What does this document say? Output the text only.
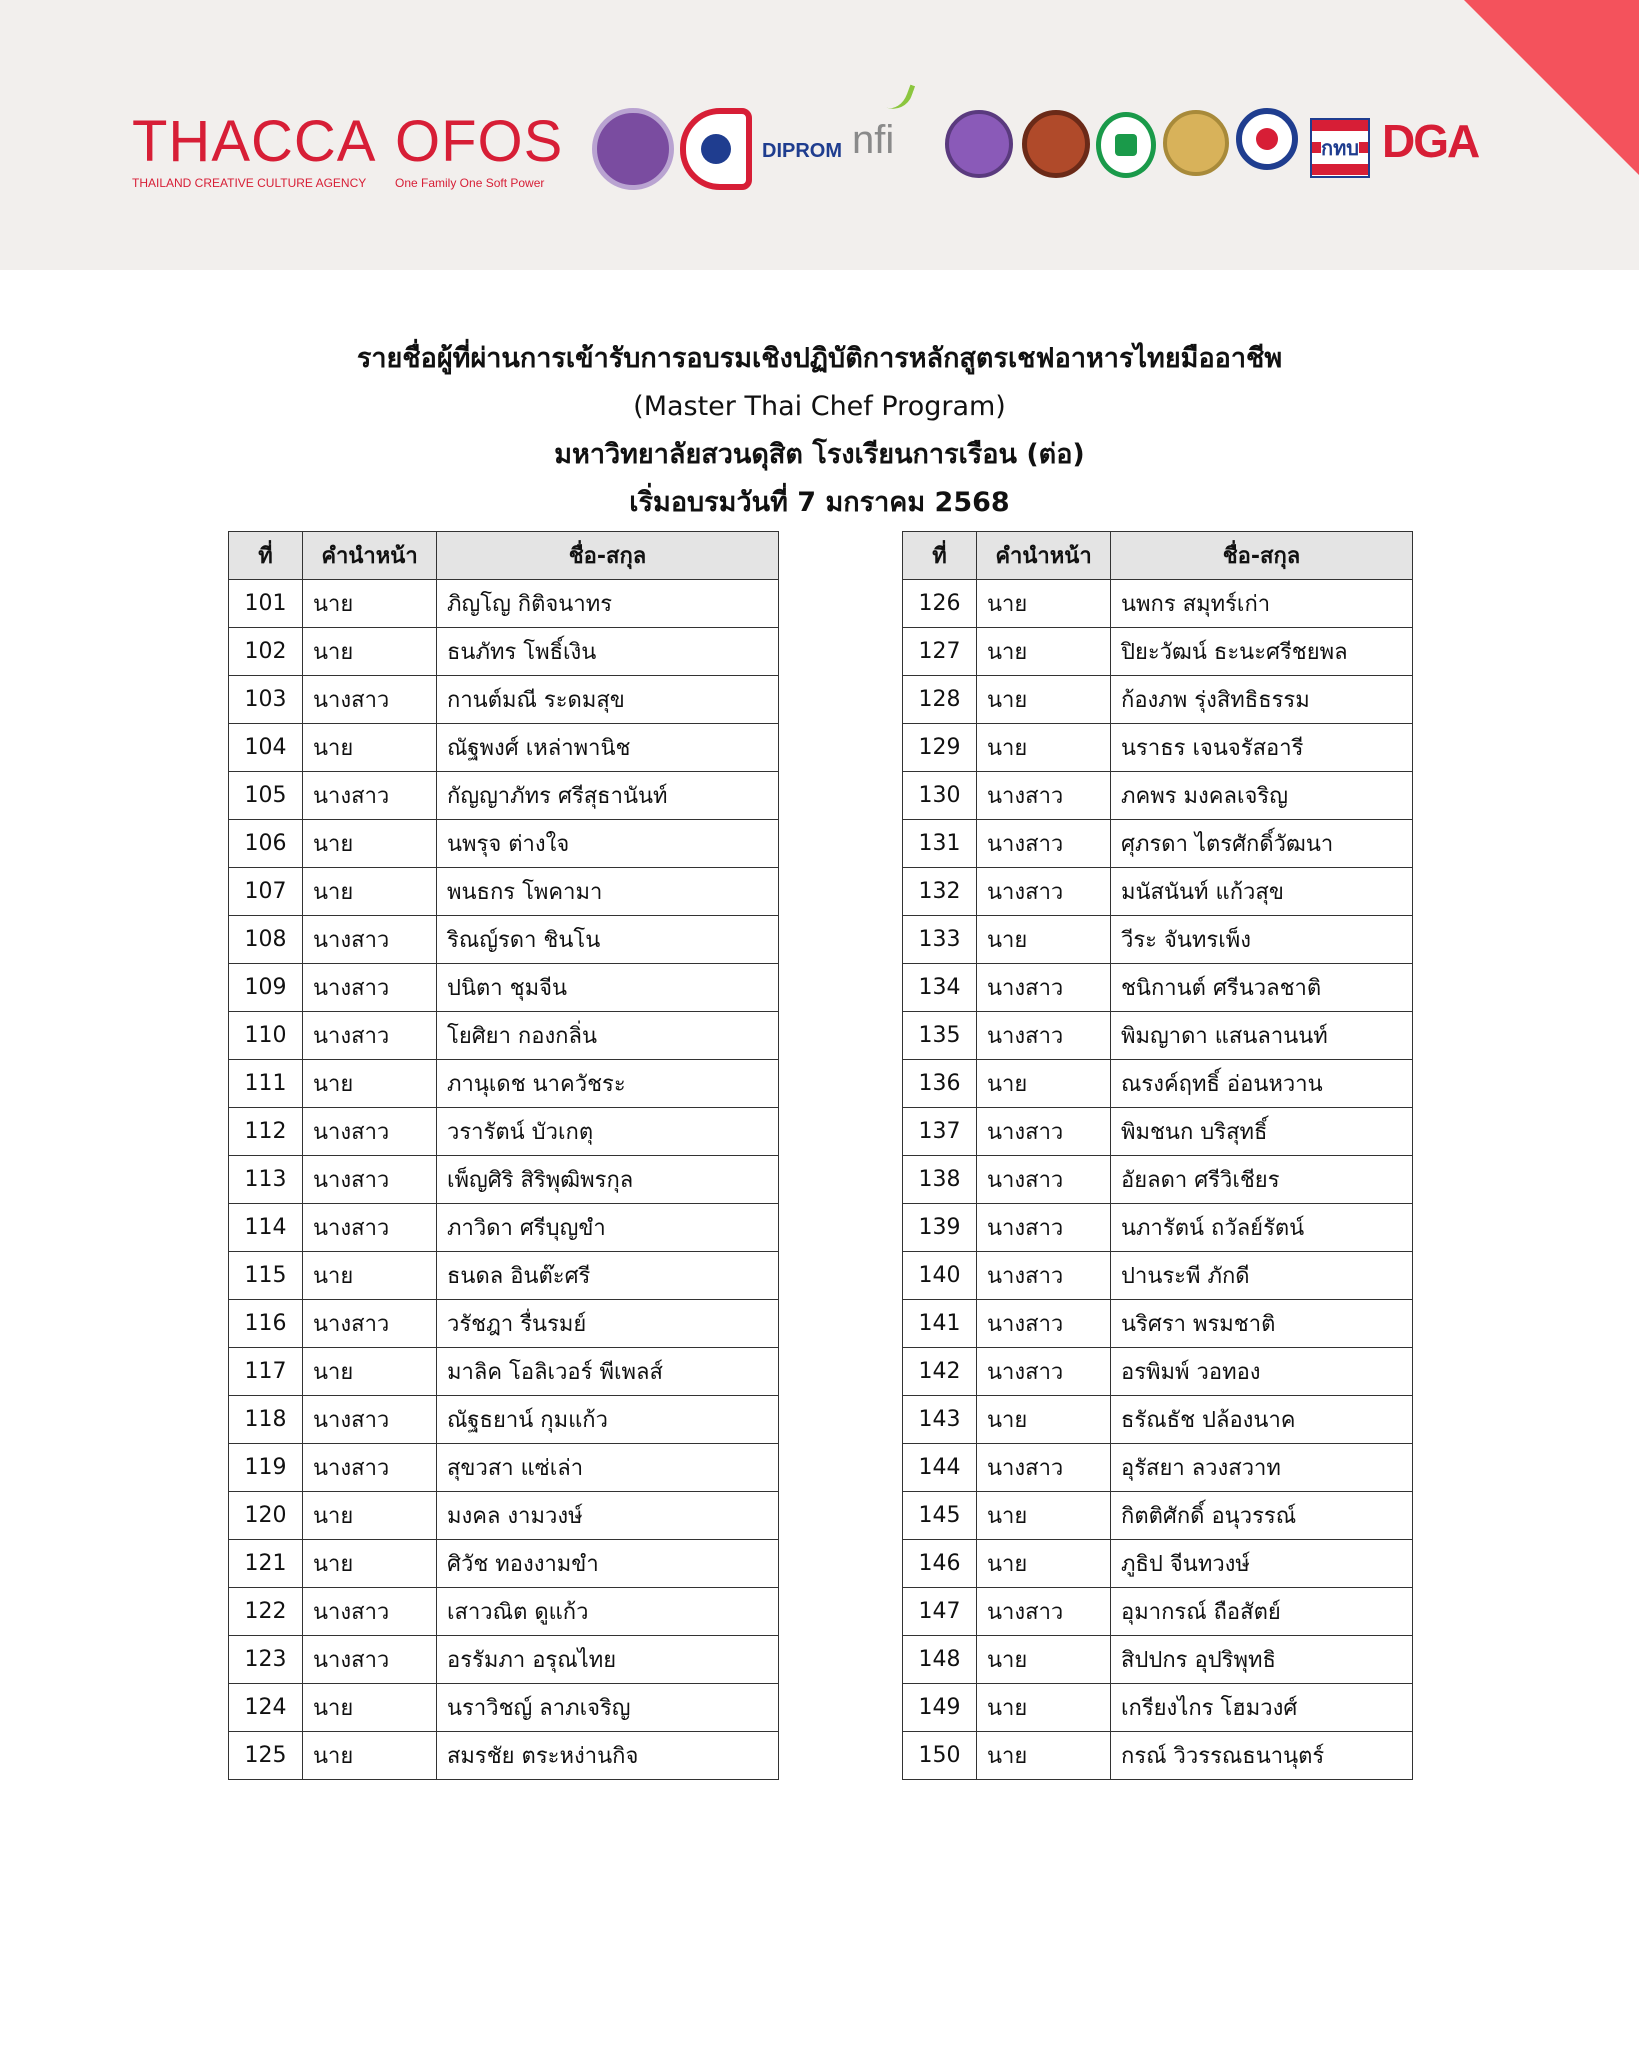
THACCA
THAILAND CREATIVE CULTURE AGENCY
OFOS
One Family One Soft Power
DIPROM nfi	กทบ DGA
รายชื่อผู้ที่ผ่านการเข้ารับการอบรมเชิงปฏิบัติการหลักสูตรเชฟอาหารไทยมืออาชีพ
(Master Thai Chef Program)
มหาวิทยาลัยสวนดุสิต โรงเรียนการเรือน (ต่อ)
เริ่มอบรมวันที่ 7 มกราคม 2568
ที่	คำนำหน้า	ชื่อ-สกุล
101	นาย	ภิญโญ กิติจนาทร
102	นาย	ธนภัทร โพธิ์เงิน
103	นางสาว	กานต์มณี ระดมสุข
104	นาย	ณัฐพงศ์ เหล่าพานิช
105	นางสาว	กัญญาภัทร ศรีสุธานันท์
106	นาย	นพรุจ ต่างใจ
107	นาย	พนธกร โพคามา
108	นางสาว	ริณญ์รดา ชินโน
109	นางสาว	ปนิตา ชุมจีน
110	นางสาว	โยศิยา กองกลิ่น
111	นาย	ภานุเดช นาควัชระ
112	นางสาว	วรารัตน์ บัวเกตุ
113	นางสาว	เพ็ญศิริ สิริพุฒิพรกุล
114	นางสาว	ภาวิดา ศรีบุญขำ
115	นาย	ธนดล อินต๊ะศรี
116	นางสาว	วรัชฎา รื่นรมย์
117	นาย	มาลิค โอลิเวอร์ พีเพลส์
118	นางสาว	ณัฐธยาน์ กุมแก้ว
119	นางสาว	สุขวสา แซ่เล่า
120	นาย	มงคล งามวงษ์
121	นาย	ศิวัช ทองงามขำ
122	นางสาว	เสาวณิต ดูแก้ว
123	นางสาว	อรรัมภา อรุณไทย
124	นาย	นราวิชญ์ ลาภเจริญ
125	นาย	สมรชัย ตระหง่านกิจ
ที่	คำนำหน้า	ชื่อ-สกุล
126	นาย	นพกร สมุทร์เก่า
127	นาย	ปิยะวัฒน์ ธะนะศรีชยพล
128	นาย	ก้องภพ รุ่งสิทธิธรรม
129	นาย	นราธร เจนจรัสอารี
130	นางสาว	ภคพร มงคลเจริญ
131	นางสาว	ศุภรดา ไตรศักดิ์วัฒนา
132	นางสาว	มนัสนันท์ แก้วสุข
133	นาย	วีระ จันทรเพ็ง
134	นางสาว	ชนิกานต์ ศรีนวลชาติ
135	นางสาว	พิมญาดา แสนลานนท์
136	นาย	ณรงค์ฤทธิ์ อ่อนหวาน
137	นางสาว	พิมชนก บริสุทธิ์
138	นางสาว	อัยลดา ศรีวิเชียร
139	นางสาว	นภารัตน์ ถวัลย์รัตน์
140	นางสาว	ปานระพี ภักดี
141	นางสาว	นริศรา พรมชาติ
142	นางสาว	อรพิมพ์ วอทอง
143	นาย	ธรัณธัช ปล้องนาค
144	นางสาว	อุรัสยา ลวงสวาท
145	นาย	กิตติศักดิ์ อนุวรรณ์
146	นาย	ภูธิป จีนทวงษ์
147	นางสาว	อุมากรณ์ ถือสัตย์
148	นาย	สิปปกร อุปริพุทธิ
149	นาย	เกรียงไกร โฮมวงศ์
150	นาย	กรณ์ วิวรรณธนานุตร์
